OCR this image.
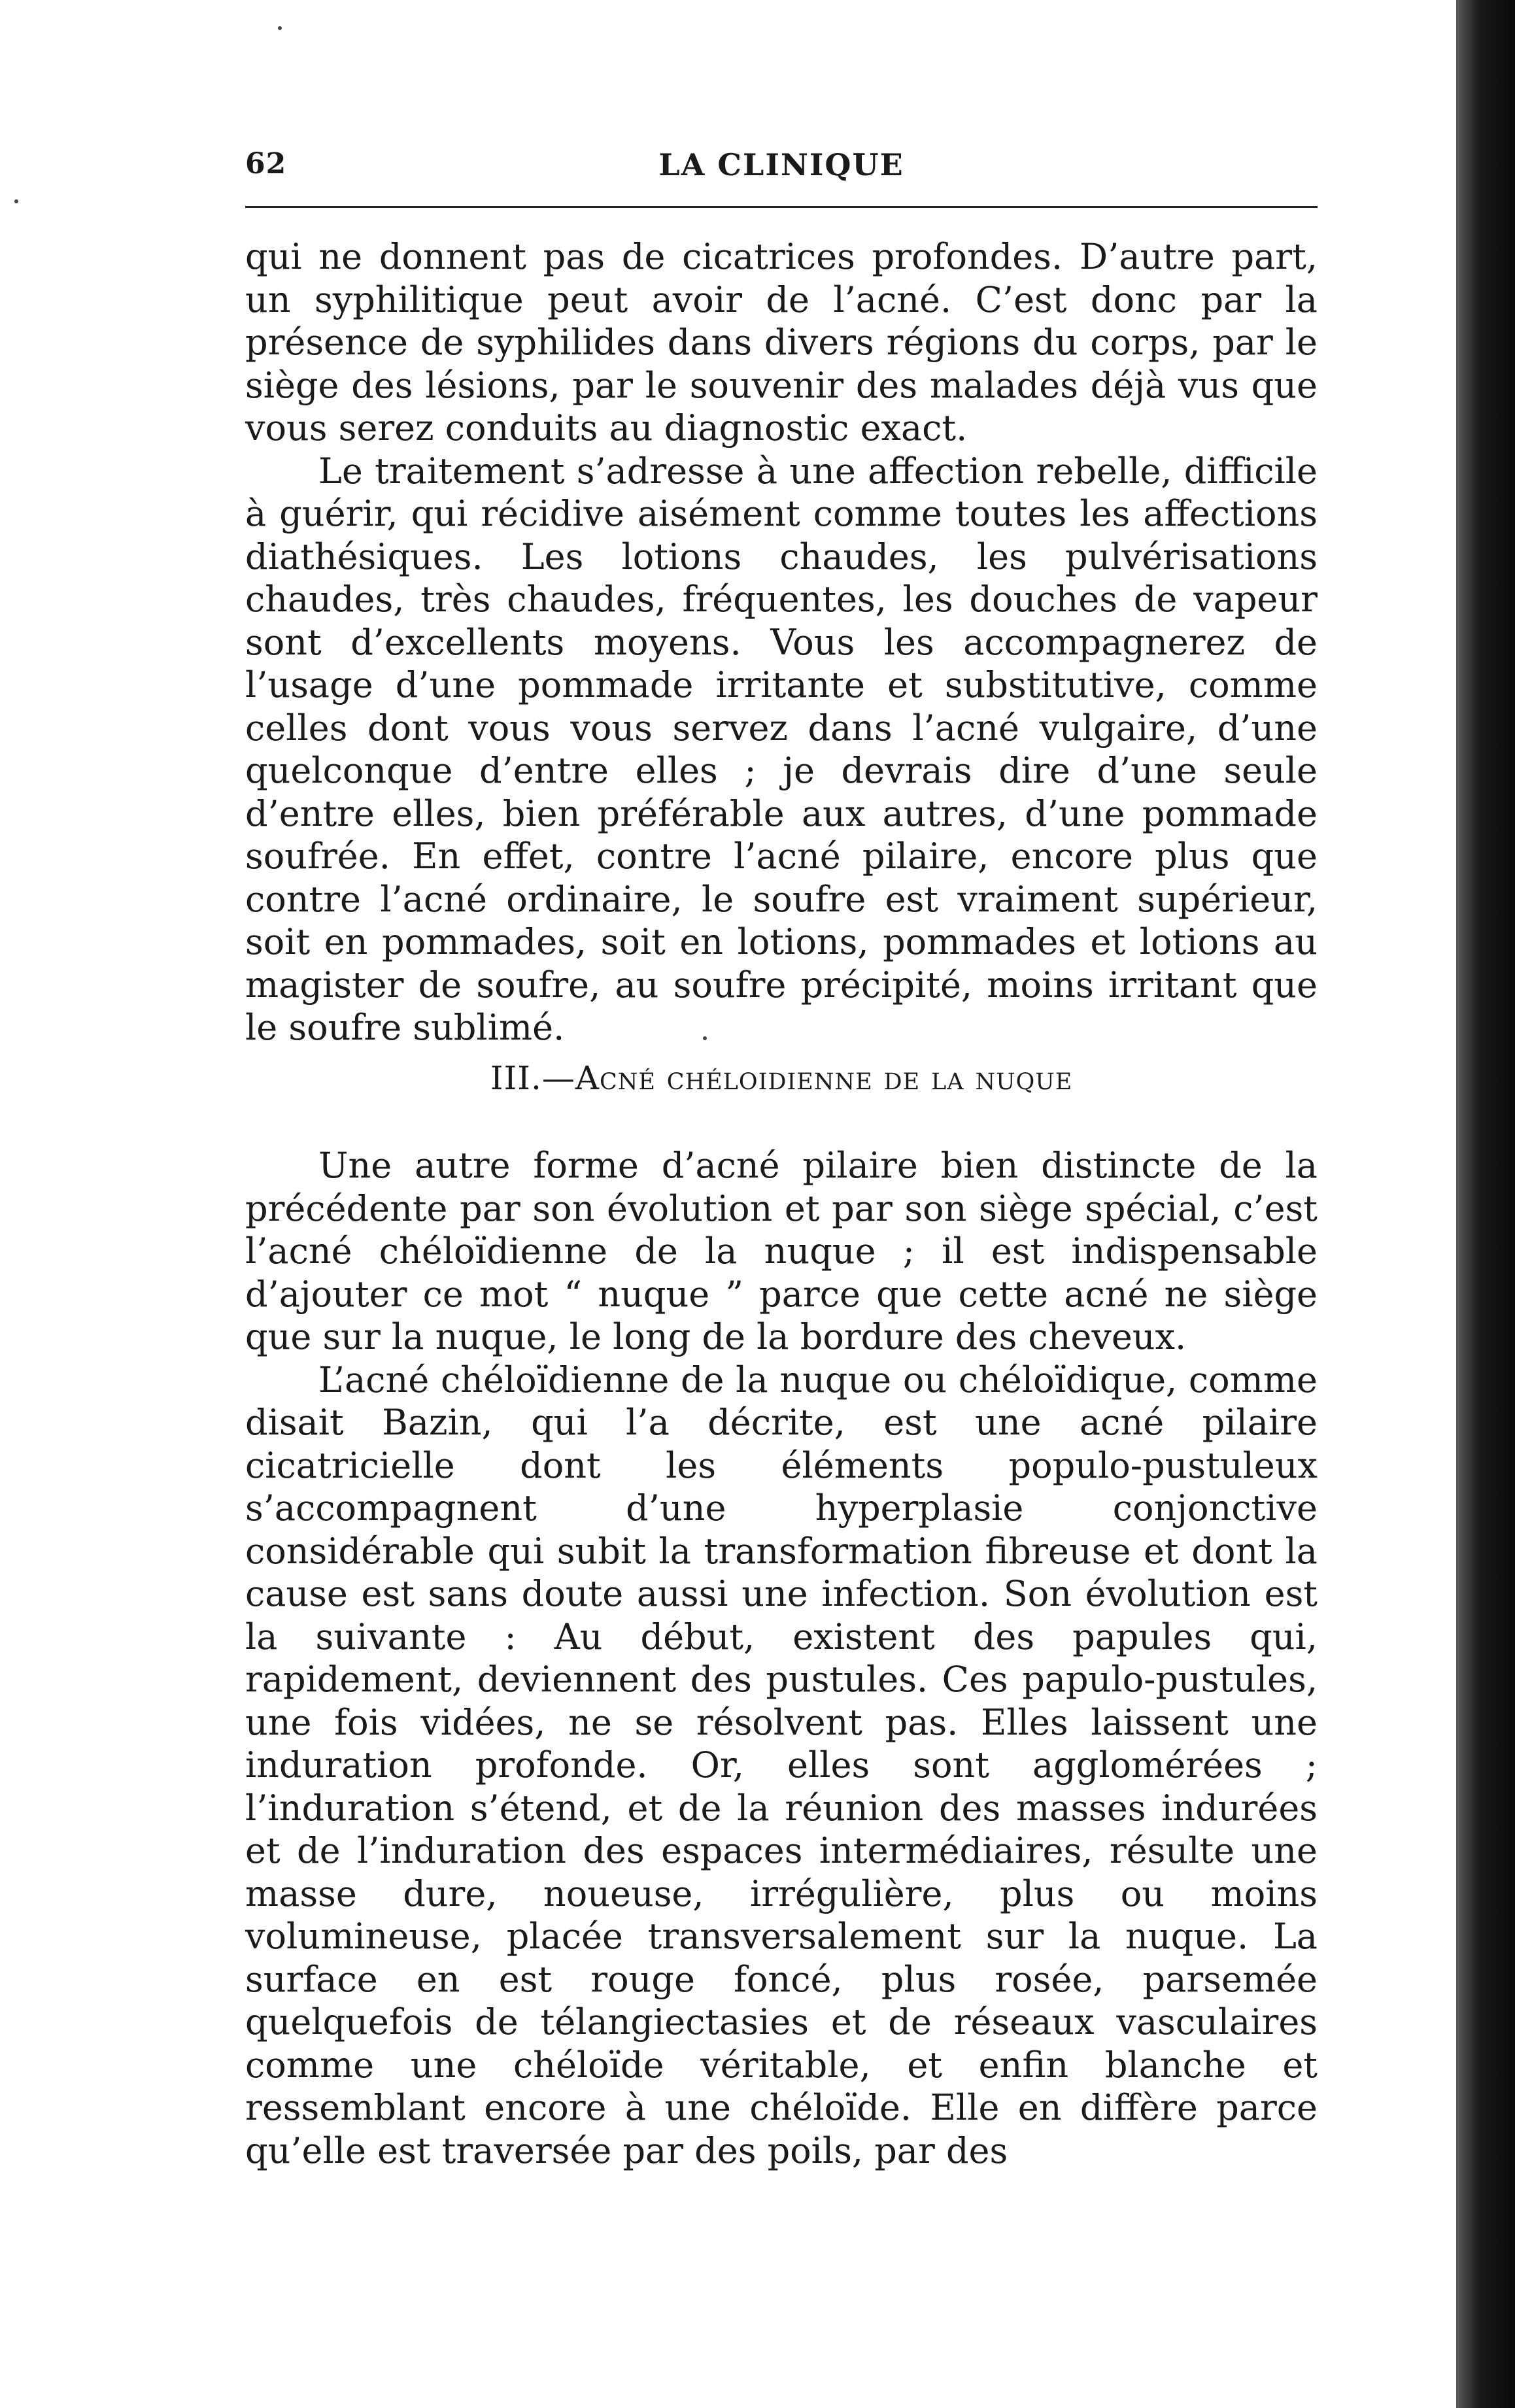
62	LA CLINIQUE

qui ne donnent pas de cicatrices profondes. D’autre part, un syphilitique peut avoir de l’acné. C’est donc par la présence de syphilides dans divers régions du corps, par le siège des lésions, par le souvenir des malades déjà vus que vous serez conduits au diagnostic exact.

Le traitement s’adresse à une affection rebelle, difficile à guérir, qui récidive aisément comme toutes les affections diathésiques. Les lotions chaudes, les pulvérisations chaudes, très chaudes, fréquentes, les douches de vapeur sont d’excellents moyens. Vous les accompagnerez de l’usage d’une pommade irritante et substitutive, comme celles dont vous vous servez dans l’acné vulgaire, d’une quelconque d’entre elles ; je devrais dire d’une seule d’entre elles, bien préférable aux autres, d’une pommade soufrée. En effet, contre l’acné pilaire, encore plus que contre l’acné ordinaire, le soufre est vraiment supérieur, soit en pommades, soit en lotions, pommades et lotions au magister de soufre, au soufre précipité, moins irritant que le soufre sublimé.

III.—Acné chéloidienne de la nuque

Une autre forme d’acné pilaire bien distincte de la précédente par son évolution et par son siège spécial, c’est l’acné chéloïdienne de la nuque ; il est indispensable d’ajouter ce mot “ nuque ” parce que cette acné ne siège que sur la nuque, le long de la bordure des cheveux.

L’acné chéloïdienne de la nuque ou chéloïdique, comme disait Bazin, qui l’a décrite, est une acné pilaire cicatricielle dont les éléments populo-pustuleux s’accompagnent d’une hyperplasie conjonctive considérable qui subit la transformation fibreuse et dont la cause est sans doute aussi une infection. Son évolution est la suivante : Au début, existent des papules qui, rapidement, deviennent des pustules. Ces papulo-pustules, une fois vidées, ne se résolvent pas. Elles laissent une induration profonde. Or, elles sont agglomérées ; l’induration s’étend, et de la réunion des masses indurées et de l’induration des espaces intermédiaires, résulte une masse dure, noueuse, irrégulière, plus ou moins volumineuse, placée transversalement sur la nuque. La surface en est rouge foncé, plus rosée, parsemée quelquefois de télangiectasies et de réseaux vasculaires comme une chéloïde véritable, et enfin blanche et ressemblant encore à une chéloïde. Elle en diffère parce qu’elle est traversée par des poils, par des
